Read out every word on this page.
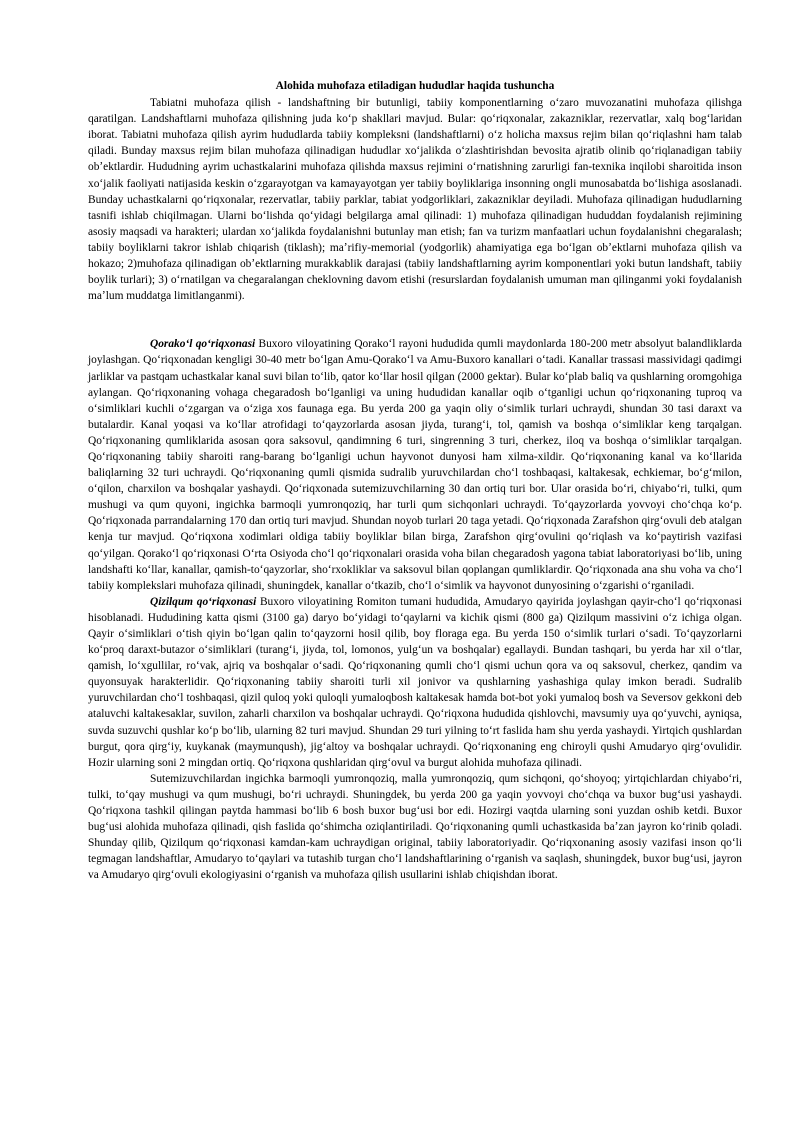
Alohida muhofaza etiladigan hududlar haqida tushuncha

Tabiatni muhofaza qilish - landshaftning bir butunligi, tabiiy komponentlarning oʻzaro muvozanatini muhofaza qilishga qaratilgan. Landshaftlarni muhofaza qilishning juda koʻp shakllari mavjud. Bular: qoʻriqxonalar, zakazniklar, rezervatlar, xalq bogʻlaridan iborat. Tabiatni muhofaza qilish ayrim hududlarda tabiiy kompleksni (landshaftlarni) oʻz holicha maxsus rejim bilan qoʻriqlashni ham talab qiladi. Bunday maxsus rejim bilan muhofaza qilinadigan hududlar xoʻjalikda oʻzlashtirishdan bevosita ajratib olinib qoʻriqlanadigan tabiiy obʼektlardir. Hududning ayrim uchastkalarini muhofaza qilishda maxsus rejimini oʻrnatishning zarurligi fan-texnika inqilobi sharoitida inson xoʻjalik faoliyati natijasida keskin oʻzgarayotgan va kamayayotgan yer tabiiy boyliklariga insonning ongli munosabatda boʻlishiga asoslanadi. Bunday uchastkalarni qoʻriqxonalar, rezervatlar, tabiiy parklar, tabiat yodgorliklari, zakazniklar deyiladi. Muhofaza qilinadigan hududlarning tasnifi ishlab chiqilmagan. Ularni boʻlishda qoʻyidagi belgilarga amal qilinadi: 1) muhofaza qilinadigan hududdan foydalanish rejimining asosiy maqsadi va harakteri; ulardan xoʻjalikda foydalanishni butunlay man etish; fan va turizm manfaatlari uchun foydalanishni chegaralash; tabiiy boyliklarni takror ishlab chiqarish (tiklash); maʼrifiy-memorial (yodgorlik) ahamiyatiga ega boʻlgan obʼektlarni muhofaza qilish va hokazo; 2)muhofaza qilinadigan obʼektlarning murakkablik darajasi (tabiiy landshaftlarning ayrim komponentlari yoki butun landshaft, tabiiy boylik turlari); 3) oʻrnatilgan va chegaralangan cheklovning davom etishi (resurslardan foydalanish umuman man qilinganmi yoki foydalanish maʼlum muddatga limitlanganmi).

Qorakoʻl qoʻriqxonasi Buxoro viloyatining Qorakoʻl rayoni hududida qumli maydonlarda 180-200 metr absolyut balandliklarda joylashgan. Qoʻriqxonadan kengligi 30-40 metr boʻlgan Amu-Qorakoʻl va Amu-Buxoro kanallari oʻtadi. Kanallar trassasi massividagi qadimgi jarliklar va pastqam uchastkalar kanal suvi bilan toʻlib, qator koʻllar hosil qilgan (2000 gektar). Bular koʻplab baliq va qushlarning oromgohiga aylangan. Qoʻriqxonaning vohaga chegaradosh boʻlganligi va uning hududidan kanallar oqib oʻtganligi uchun qoʻriqxonaning tuproq va oʻsimliklari kuchli oʻzgargan va oʻziga xos faunaga ega. Bu yerda 200 ga yaqin oliy oʻsimlik turlari uchraydi, shundan 30 tasi daraxt va butalardir. Kanal yoqasi va koʻllar atrofidagi toʻqayzorlarda asosan jiyda, turangʻi, tol, qamish va boshqa oʻsimliklar keng tarqalgan. Qoʻriqxonaning qumliklarida asosan qora saksovul, qandimning 6 turi, singrenning 3 turi, cherkez, iloq va boshqa oʻsimliklar tarqalgan. Qoʻriqxonaning tabiiy sharoiti rang-barang boʻlganligi uchun hayvonot dunyosi ham xilma-xildir. Qoʻriqxonaning kanal va koʻllarida baliqlarning 32 turi uchraydi. Qoʻriqxonaning qumli qismida sudralib yuruvchilardan choʻl toshbaqasi, kaltakesak, echkiemar, boʻgʻmilon, oʻqilon, charxilon va boshqalar yashaydi. Qoʻriqxonada sutemizuvchilarning 30 dan ortiq turi bor. Ular orasida boʻri, chiyaboʻri, tulki, qum mushugi va qum quyoni, ingichka barmoqli yumronqoziq, har turli qum sichqonlari uchraydi. Toʻqayzorlarda yovvoyi choʻchqa koʻp. Qoʻriqxonada parrandalarning 170 dan ortiq turi mavjud. Shundan noyob turlari 20 taga yetadi. Qoʻriqxonada Zarafshon qirgʻovuli deb atalgan kenja tur mavjud. Qoʻriqxona xodimlari oldiga tabiiy boyliklar bilan birga, Zarafshon qirgʻovulini qoʻriqlash va koʻpaytirish vazifasi qoʻyilgan. Qorakoʻl qoʻriqxonasi Oʻrta Osiyoda choʻl qoʻriqxonalari orasida voha bilan chegaradosh yagona tabiat laboratoriyasi boʻlib, uning landshafti koʻllar, kanallar, qamish-toʻqayzorlar, shoʻrxokliklar va saksovul bilan qoplangan qumliklardir. Qoʻriqxonada ana shu voha va choʻl tabiiy komplekslari muhofaza qilinadi, shuningdek, kanallar oʻtkazib, choʻl oʻsimlik va hayvonot dunyosining oʻzgarishi oʻrganiladi.

Qizilqum qoʻriqxonasi Buxoro viloyatining Romiton tumani hududida, Amudaryo qayirida joylashgan qayir-choʻl qoʻriqxonasi hisoblanadi. Hududining katta qismi (3100 ga) daryo boʻyidagi toʻqaylarni va kichik qismi (800 ga) Qizilqum massivini oʻz ichiga olgan. Qayir oʻsimliklari oʻtish qiyin boʻlgan qalin toʻqayzorni hosil qilib, boy floraga ega. Bu yerda 150 oʻsimlik turlari oʻsadi. Toʻqayzorlarni koʻproq daraxt-butazor oʻsimliklari (turangʻi, jiyda, tol, lomonos, yulgʻun va boshqalar) egallaydi. Bundan tashqari, bu yerda har xil oʻtlar, qamish, loʻxgullilar, roʻvak, ajriq va boshqalar oʻsadi. Qoʻriqxonaning qumli choʻl qismi uchun qora va oq saksovul, cherkez, qandim va quyonsuyak harakterlidir. Qoʻriqxonaning tabiiy sharoiti turli xil jonivor va qushlarning yashashiga qulay imkon beradi. Sudralib yuruvchilardan choʻl toshbaqasi, qizil quloq yoki quloqli yumaloqbosh kaltakesak hamda bot-bot yoki yumaloq bosh va Seversov gekkoni deb ataluvchi kaltakesaklar, suvilon, zaharli charxilon va boshqalar uchraydi. Qoʻriqxona hududida qishlovchi, mavsumiy uya qoʻyuvchi, ayniqsa, suvda suzuvchi qushlar koʻp boʻlib, ularning 82 turi mavjud. Shundan 29 turi yilning toʻrt faslida ham shu yerda yashaydi. Yirtqich qushlardan burgut, qora qirgʻiy, kuykanak (maymunqush), jigʻaltoy va boshqalar uchraydi. Qoʻriqxonaning eng chiroyli qushi Amudaryo qirgʻovulidir. Hozir ularning soni 2 mingdan ortiq. Qoʻriqxona qushlaridan qirgʻovul va burgut alohida muhofaza qilinadi.

Sutemizuvchilardan ingichka barmoqli yumronqoziq, malla yumronqoziq, qum sichqoni, qoʻshoyoq; yirtqichlardan chiyaboʻri, tulki, toʻqay mushugi va qum mushugi, boʻri uchraydi. Shuningdek, bu yerda 200 ga yaqin yovvoyi choʻchqa va buxor bugʻusi yashaydi. Qoʻriqxona tashkil qilingan paytda hammasi boʻlib 6 bosh buxor bugʻusi bor edi. Hozirgi vaqtda ularning soni yuzdan oshib ketdi. Buxor bugʻusi alohida muhofaza qilinadi, qish faslida qoʻshimcha oziqlantiriladi. Qoʻriqxonaning qumli uchastkasida baʼzan jayron koʻrinib qoladi. Shunday qilib, Qizilqum qoʻriqxonasi kamdan-kam uchraydigan original, tabiiy laboratoriyadir. Qoʻriqxonaning asosiy vazifasi inson qoʻli tegmagan landshaftlar, Amudaryo toʻqaylari va tutashib turgan choʻl landshaftlarining oʻrganish va saqlash, shuningdek, buxor bugʻusi, jayron va Amudaryo qirgʻovuli ekologiyasini oʻrganish va muhofaza qilish usullarini ishlab chiqishdan iborat.
